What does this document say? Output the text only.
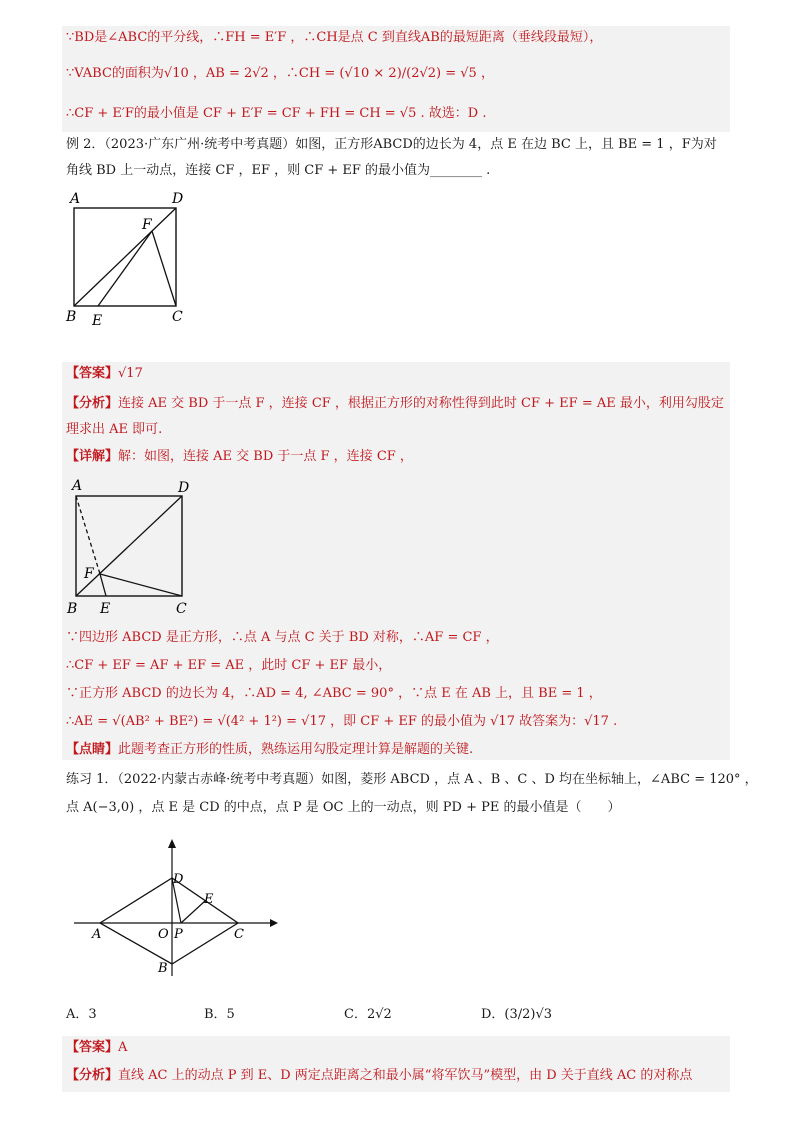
∵BD是∠ABC的平分线，∴FH = E′F ，∴CH是点 C 到直线AB的最短距离（垂线段最短），
∵VABC的面积为√10 ，AB = 2√2 ，∴CH = (√10 × 2)/(2√2) = √5 ，
∴CF + E′F的最小值是 CF + E′F = CF + FH = CH = √5 . 故选：D .
例 2．（2023·广东广州·统考中考真题）如图，正方形ABCD的边长为 4，点 E 在边 BC 上，且 BE = 1 ，F为对
角线 BD 上一动点，连接 CF ，EF ，则 CF + EF 的最小值为________ .
A	D
F
B E	C
【答案】√17
【分析】连接 AE 交 BD 于一点 F ，连接 CF ，根据正方形的对称性得到此时 CF + EF = AE 最小，利用勾股定
理求出 AE 即可.
【详解】解：如图，连接 AE 交 BD 于一点 F ，连接 CF ，
A	D
F
B E	C
∵四边形 ABCD 是正方形，∴点 A 与点 C 关于 BD 对称，∴AF = CF ，
∴CF + EF = AF + EF = AE ，此时 CF + EF 最小，
∵正方形 ABCD 的边长为 4，∴AD = 4, ∠ABC = 90° ，∵点 E 在 AB 上，且 BE = 1 ，
∴AE = √(AB² + BE²) = √(4² + 1²) = √17 ，即 CF + EF 的最小值为 √17 故答案为：√17 .
【点睛】此题考查正方形的性质，熟练运用勾股定理计算是解题的关键.
练习 1．（2022·内蒙古赤峰·统考中考真题）如图，菱形 ABCD ，点 A 、B 、C 、D 均在坐标轴上，∠ABC = 120° ，
点 A(−3,0) ，点 E 是 CD 的中点，点 P 是 OC 上的一动点，则 PD + PE 的最小值是（　　）
D
E
A	O P	C
B
A．3	B．5	C．2√2	D．(3/2)√3
【答案】A
【分析】直线 AC 上的动点 P 到 E、D 两定点距离之和最小属“将军饮马”模型，由 D 关于直线 AC 的对称点
